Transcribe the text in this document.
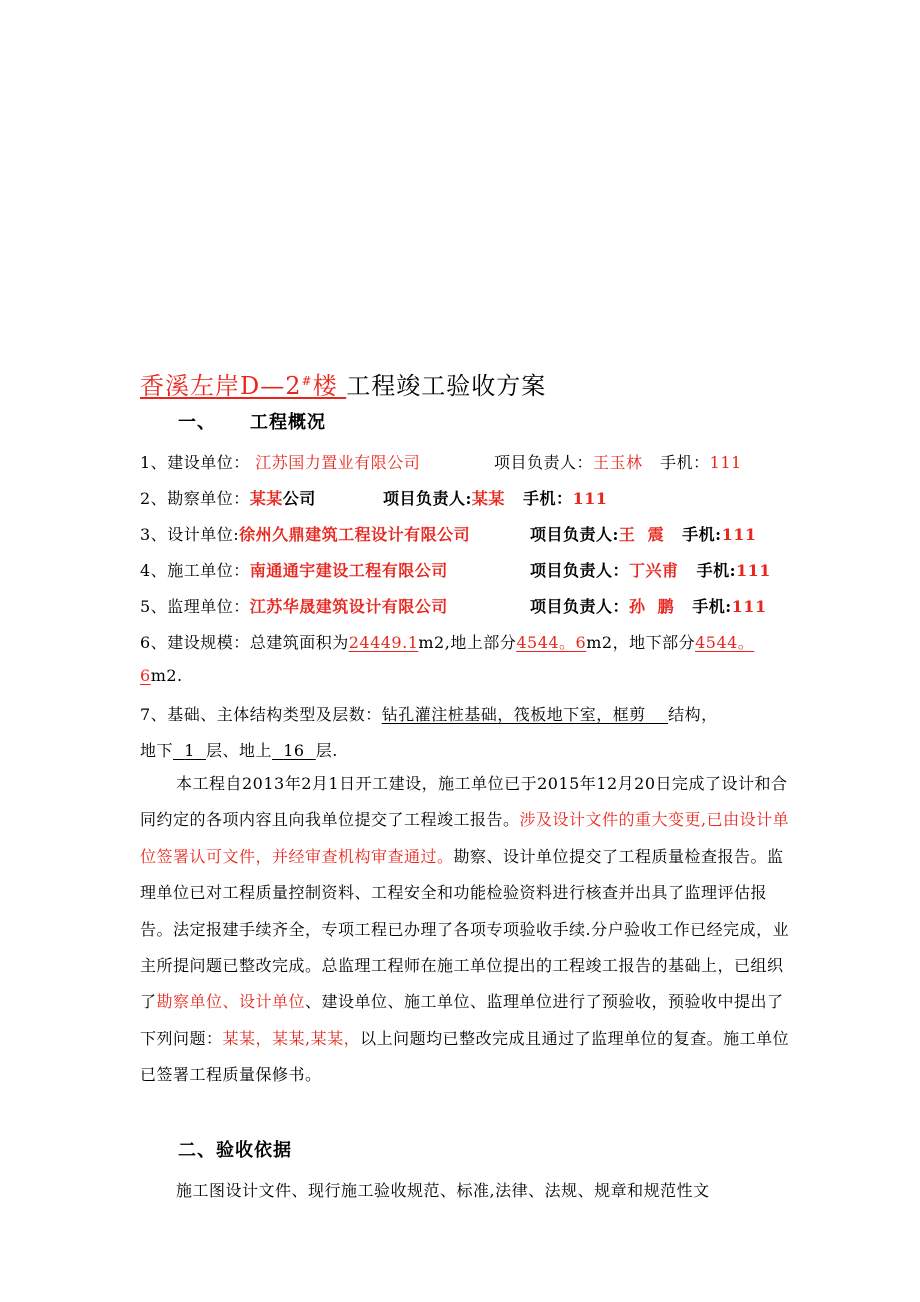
香溪左岸D—2#楼 工程竣工验收方案
一、 工程概况
1、建设单位： 江苏国力置业有限公司	项目负责人：王玉林 手机：111
2、勘察单位：某某公司	项目负责人:某某 手机：111
3、设计单位:徐州久鼎建筑工程设计有限公司	项目负责人:王  震 手机:111
4、施工单位：南通通宇建设工程有限公司	项目负责人：丁兴甫 手机:111
5、监理单位：江苏华晟建筑设计有限公司	项目负责人：孙  鹏 手机:111
6、建设规模：总建筑面积为24449.1m2,地上部分4544。6m2，地下部分4544。
6m2.
7、基础、主体结构类型及层数：钻孔灌注桩基础，筏板地下室，框剪 结构，
地下 1 层、地上 16 层.
本工程自2013年2月1日开工建设，施工单位已于2015年12月20日完成了设计和合同约定的各项内容且向我单位提交了工程竣工报告。涉及设计文件的重大变更,已由设计单位签署认可文件，并经审查机构审查通过。勘察、设计单位提交了工程质量检查报告。监理单位已对工程质量控制资料、工程安全和功能检验资料进行核查并出具了监理评估报告。法定报建手续齐全，专项工程已办理了各项专项验收手续.分户验收工作已经完成，业主所提问题已整改完成。总监理工程师在施工单位提出的工程竣工报告的基础上，已组织了勘察单位、设计单位、建设单位、施工单位、监理单位进行了预验收，预验收中提出了下列问题：某某，某某,某某，以上问题均已整改完成且通过了监理单位的复查。施工单位已签署工程质量保修书。
二、验收依据
施工图设计文件、现行施工验收规范、标准,法律、法规、规章和规范性文
